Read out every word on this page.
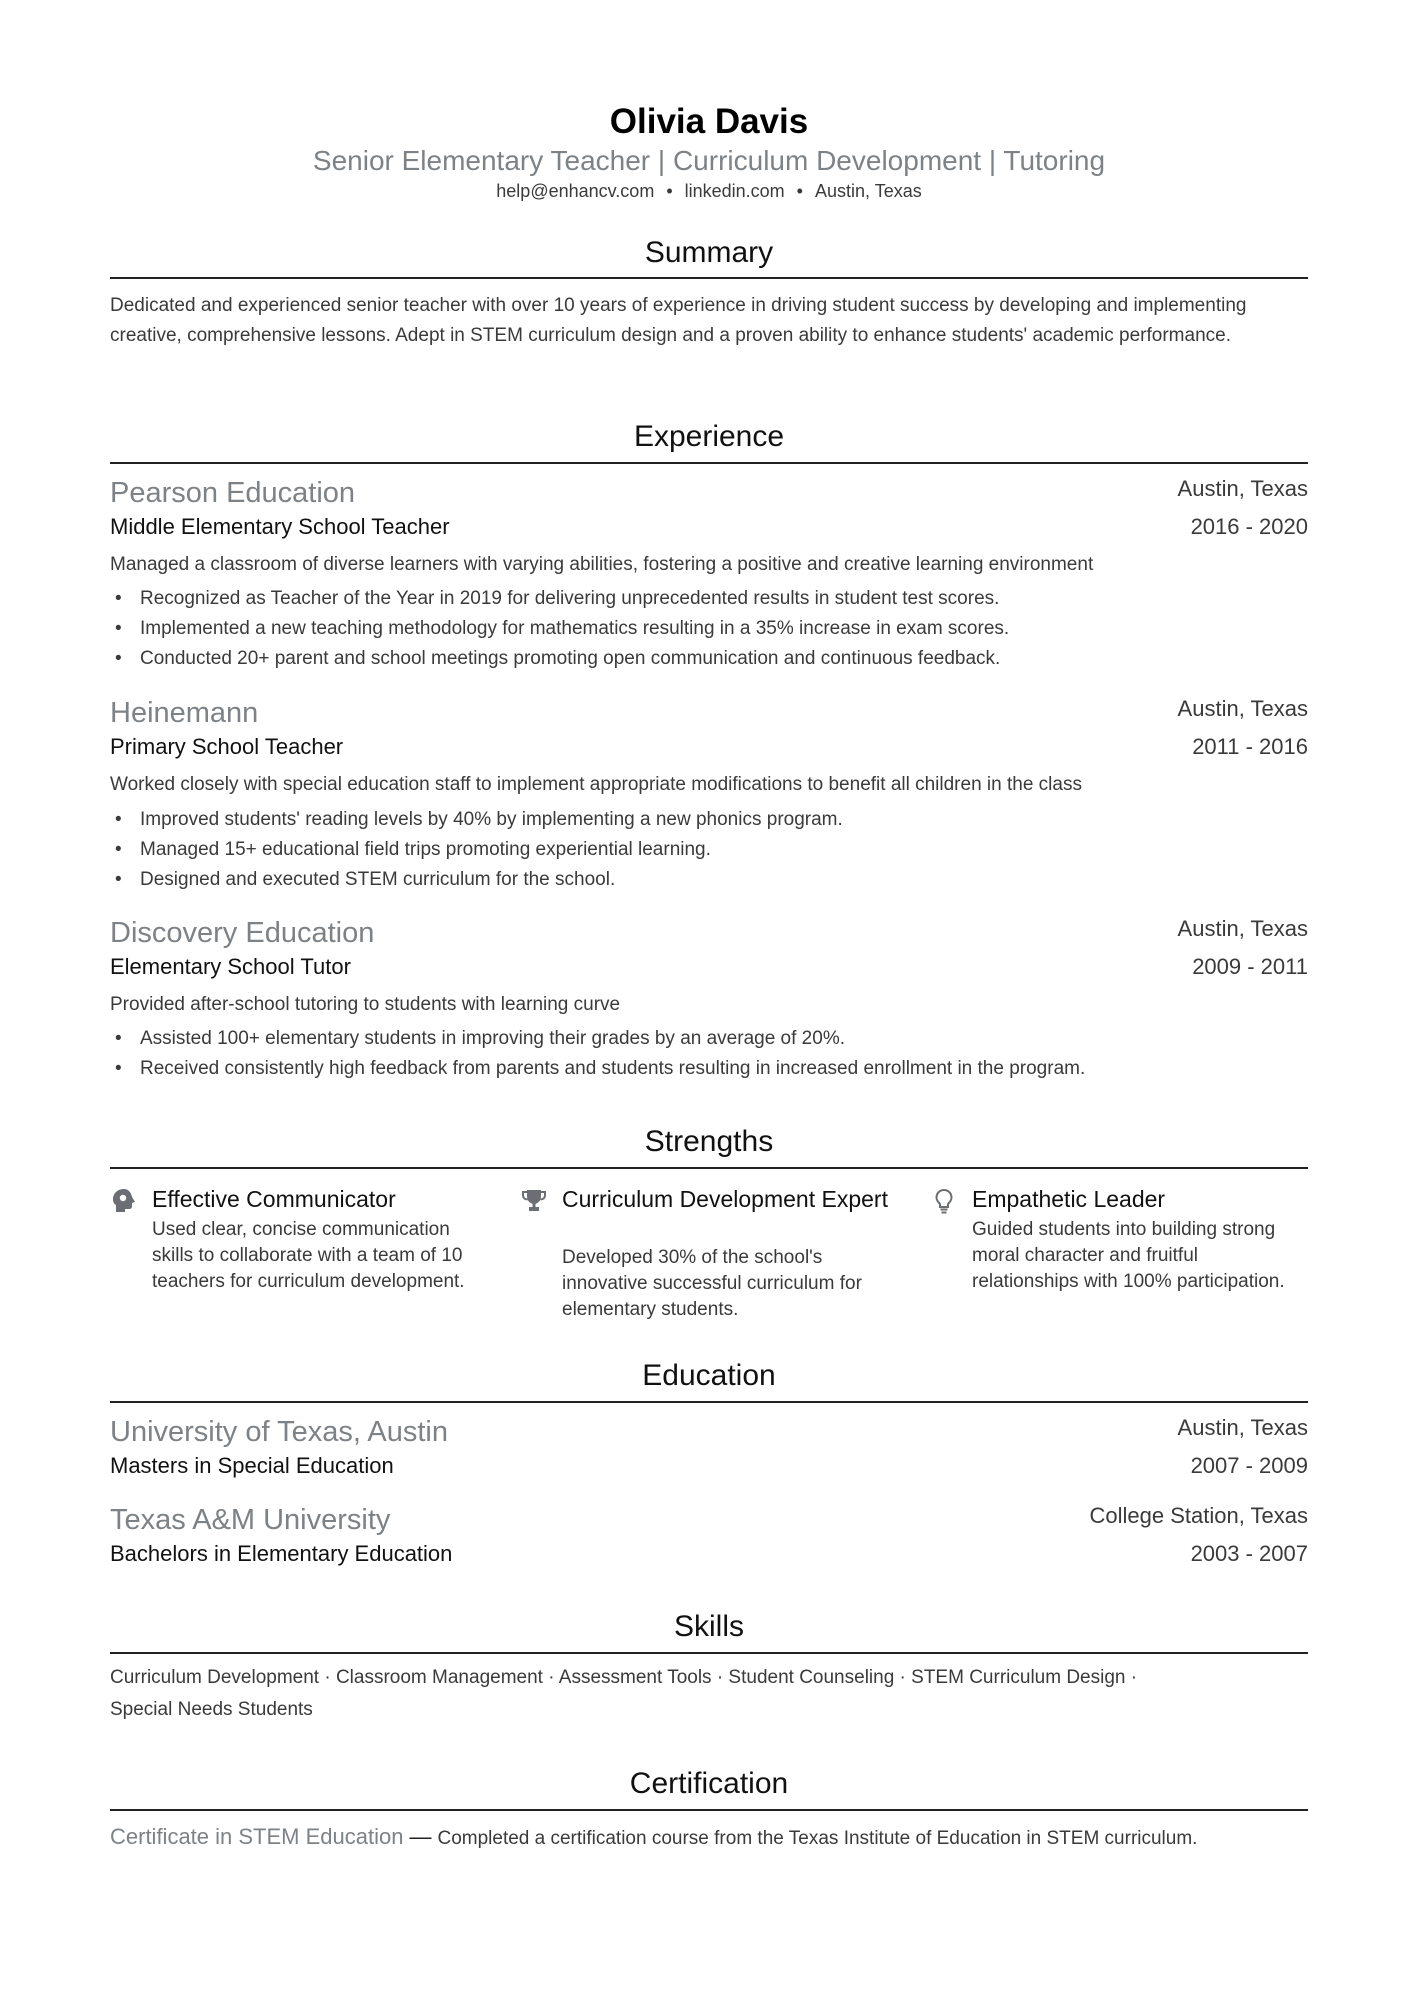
Olivia Davis
Senior Elementary Teacher | Curriculum Development | Tutoring
help@enhancv.com • linkedin.com • Austin, Texas
Summary
Dedicated and experienced senior teacher with over 10 years of experience in driving student success by developing and implementing creative, comprehensive lessons. Adept in STEM curriculum design and a proven ability to enhance students' academic performance.
Experience
Pearson Education	Austin, Texas
Middle Elementary School Teacher	2016 - 2020
Managed a classroom of diverse learners with varying abilities, fostering a positive and creative learning environment
• Recognized as Teacher of the Year in 2019 for delivering unprecedented results in student test scores.
• Implemented a new teaching methodology for mathematics resulting in a 35% increase in exam scores.
• Conducted 20+ parent and school meetings promoting open communication and continuous feedback.
Heinemann	Austin, Texas
Primary School Teacher	2011 - 2016
Worked closely with special education staff to implement appropriate modifications to benefit all children in the class
• Improved students' reading levels by 40% by implementing a new phonics program.
• Managed 15+ educational field trips promoting experiential learning.
• Designed and executed STEM curriculum for the school.
Discovery Education	Austin, Texas
Elementary School Tutor	2009 - 2011
Provided after-school tutoring to students with learning curve
• Assisted 100+ elementary students in improving their grades by an average of 20%.
• Received consistently high feedback from parents and students resulting in increased enrollment in the program.
Strengths
Effective Communicator
Used clear, concise communication skills to collaborate with a team of 10 teachers for curriculum development.
Curriculum Development Expert
Developed 30% of the school's innovative successful curriculum for elementary students.
Empathetic Leader
Guided students into building strong moral character and fruitful relationships with 100% participation.
Education
University of Texas, Austin	Austin, Texas
Masters in Special Education	2007 - 2009
Texas A&M University	College Station, Texas
Bachelors in Elementary Education	2003 - 2007
Skills
Curriculum Development · Classroom Management · Assessment Tools · Student Counseling · STEM Curriculum Design ·
Special Needs Students
Certification
Certificate in STEM Education — Completed a certification course from the Texas Institute of Education in STEM curriculum.
